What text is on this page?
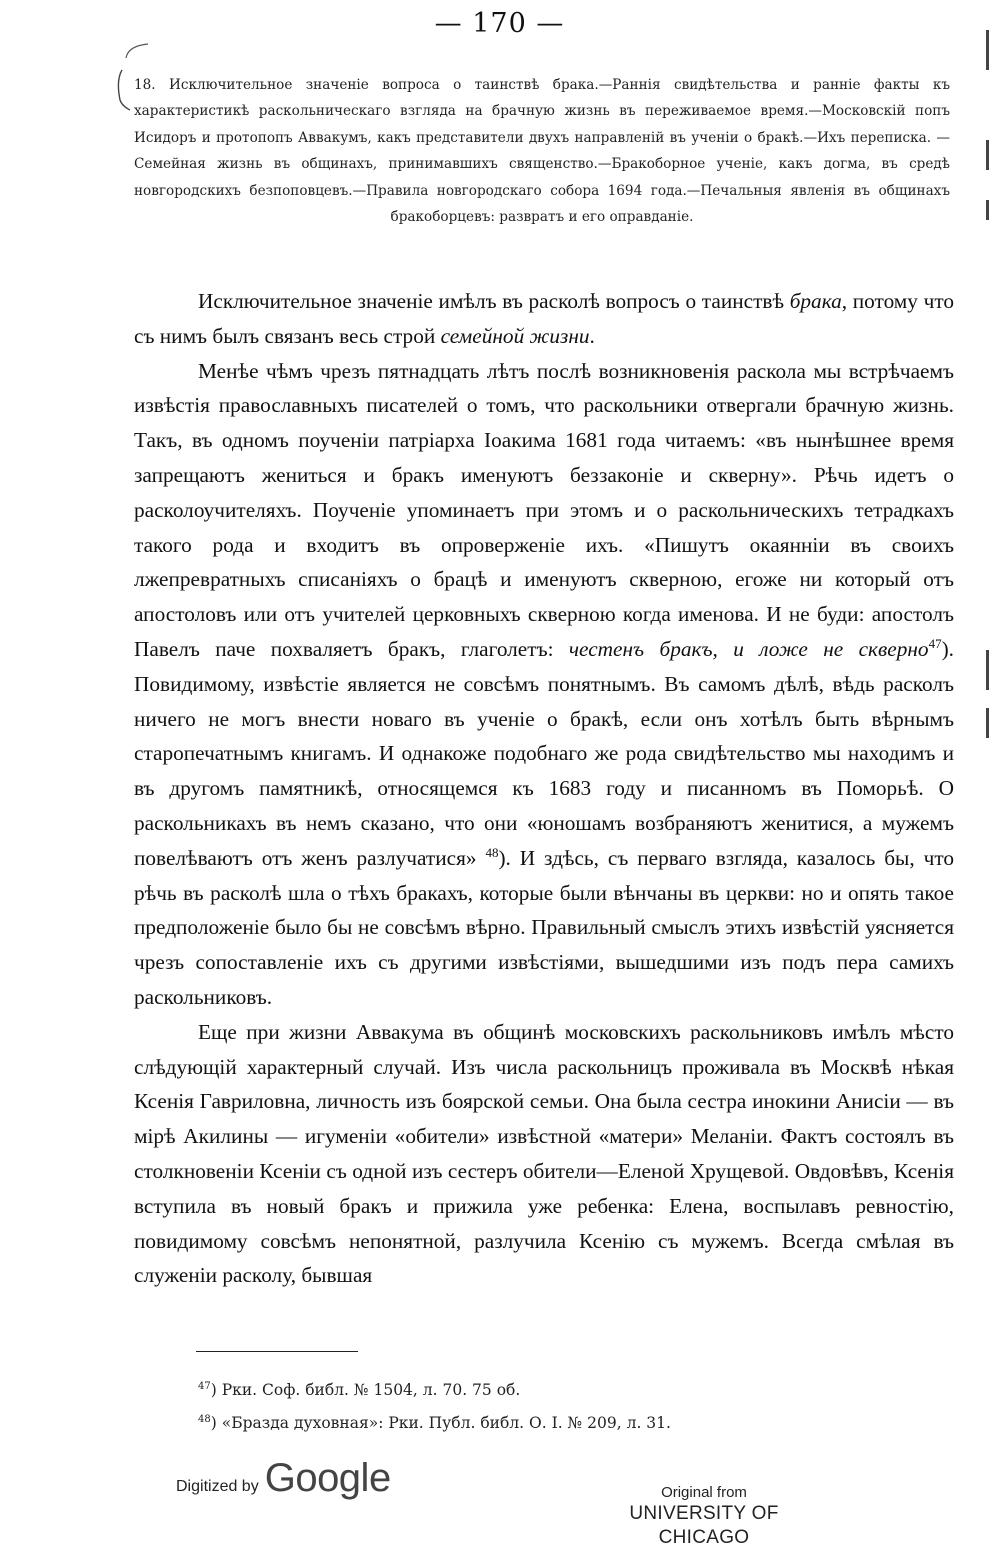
— 170 —
18. Исключительное значеніе вопроса о таинствѣ брака.—Раннія свидѣтельства и раннiе факты къ характеристикѣ раскольническаго взгляда на брачную жизнь въ переживаемое время.—Московскій попъ Исидоръ и протопопъ Аввакумъ, какъ представители двухъ направленій въ ученіи о бракѣ.—Ихъ переписка. — Семейная жизнь въ общинахъ, принимавшихъ священство.—Бракоборное ученіе, какъ догма, въ средѣ новгородскихъ безпоповцевъ.—Правила новгородскаго собора 1694 года.—Печальныя явленія въ общинахъ бракоборцевъ: развратъ и его оправданіе.

Исключительное значеніе имѣлъ въ расколѣ вопросъ о таинствѣ брака, потому что съ нимъ былъ связанъ весь строй семейной жизни.

Менѣе чѣмъ чрезъ пятнадцать лѣтъ послѣ возникновенія раскола мы встрѣчаемъ извѣстія православныхъ писателей о томъ, что раскольники отвергали брачную жизнь. Такъ, въ одномъ поученіи патріарха Іоакима 1681 года читаемъ: «въ нынѣшнее время запрещаютъ жениться и бракъ именуютъ беззаконіе и скверну». Рѣчь идетъ о расколоучителяхъ. Поученіе упоминаетъ при этомъ и о раскольническихъ тетрадкахъ такого рода и входитъ въ опроверженіе ихъ. «Пишутъ окаяннiи въ своихъ лжепревратныхъ списаніяхъ о брацѣ и именуютъ скверною, егоже ни который отъ апостоловъ или отъ учителей церковныхъ скверною когда именова. И не буди: апостолъ Павелъ паче похваляетъ бракъ, глаголетъ: честенъ бракъ, и ложе не скверно$^{47}$). Повидимому, извѣстіе является не совсѣмъ понятнымъ. Въ самомъ дѣлѣ, вѣдь расколъ ничего не могъ внести новаго въ ученіе о бракѣ, если онъ хотѣлъ быть вѣрнымъ старопечатнымъ книгамъ. И однакоже подобнаго же рода свидѣтельство мы находимъ и въ другомъ памятникѣ, относящемся къ 1683 году и писанномъ въ Поморьѣ. О раскольникахъ въ немъ сказано, что они «юношамъ возбраняютъ женитися, а мужемъ повелѣваютъ отъ женъ разлучатися» $^{48}$). И здѣсь, съ перваго взгляда, казалось бы, что рѣчь въ расколѣ шла о тѣхъ бракахъ, которые были вѣнчаны въ церкви: но и опять такое предположеніе было бы не совсѣмъ вѣрно. Правильный смыслъ этихъ извѣстій уясняется чрезъ сопоставленіе ихъ съ другими извѣстіями, вышедшими изъ подъ пера самихъ раскольниковъ.

Еще при жизни Аввакума въ общинѣ московскихъ раскольниковъ имѣлъ мѣсто слѣдующій характерный случай. Изъ числа раскольницъ проживала въ Москвѣ нѣкая Ксенія Гавриловна, личность изъ боярской семьи. Она была сестра инокини Анисіи — въ мірѣ Акилины — игуменіи «обители» извѣстной «матери» Меланіи. Фактъ состоялъ въ столкновеніи Ксеніи съ одной изъ сестеръ обители—Еленой Хрущевой. Овдовѣвъ, Ксенія вступила въ новый бракъ и прижила уже ребенка: Елена, воспылавъ ревностію, повидимому совсѣмъ непонятной, разлучила Ксенію съ мужемъ. Всегда смѣлая въ служеніи расколу, бывшая

$^{47}$) Рки. Соф. библ. № 1504, л. 70. 75 об.
$^{48}$) «Бразда духовная»: Рки. Публ. библ. О. I. № 209, л. 31.
Digitized by Google	Original from
UNIVERSITY OF CHICAGO
